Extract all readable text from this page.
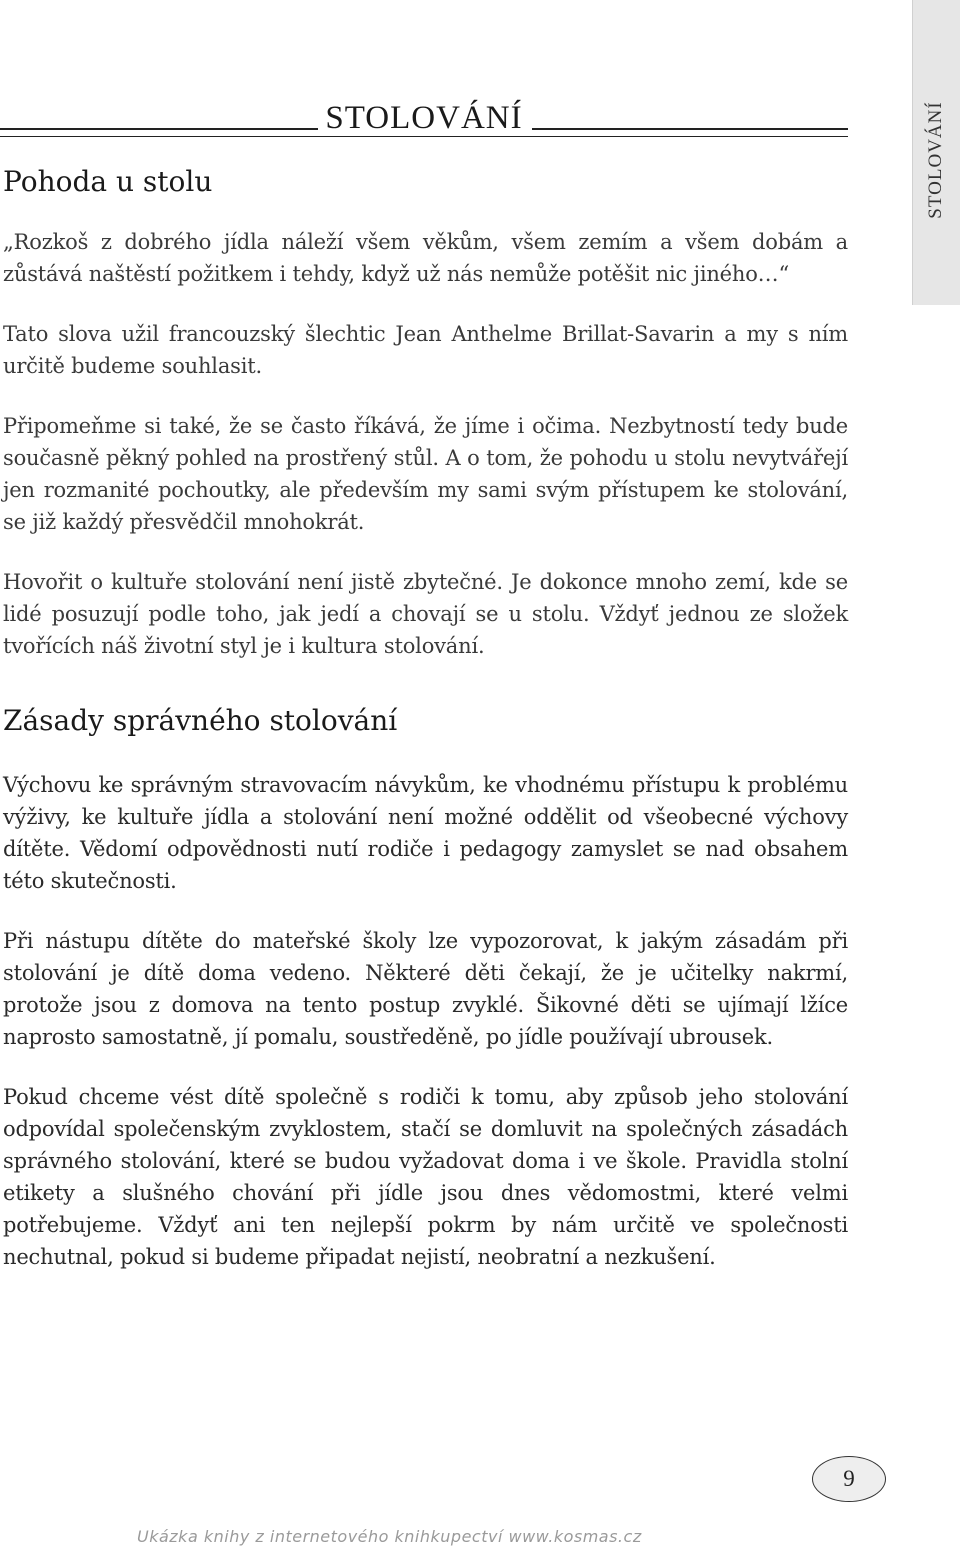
STOLOVÁNÍ
STOLOVÁNÍ
Pohoda u stolu

„Rozkoš z dobrého jídla náleží všem věkům, všem zemím a všem dobám a zůstává naštěstí požitkem i tehdy, když už nás nemůže potěšit nic jiného…“

Tato slova užil francouzský šlechtic Jean Anthelme Brillat-Savarin a my s ním určitě budeme souhlasit.

Připomeňme si také, že se často říkává, že jíme i očima. Nezbytností tedy bude současně pěkný pohled na prostřený stůl. A o tom, že pohodu u stolu nevytvářejí jen rozmanité pochoutky, ale především my sami svým přístupem ke stolování, se již každý přesvědčil mnohokrát.

Hovořit o kultuře stolování není jistě zbytečné. Je dokonce mnoho zemí, kde se lidé posuzují podle toho, jak jedí a chovají se u stolu. Vždyť jednou ze složek tvořících náš životní styl je i kultura stolování.

Zásady správného stolování

Výchovu ke správným stravovacím návykům, ke vhodnému přístupu k problému výživy, ke kultuře jídla a stolování není možné oddělit od všeobecné výchovy dítěte. Vědomí odpovědnosti nutí rodiče i pedagogy zamyslet se nad obsahem této skutečnosti.

Při nástupu dítěte do mateřské školy lze vypozorovat, k jakým zásadám při stolování je dítě doma vedeno. Některé děti čekají, že je učitelky nakrmí, protože jsou z domova na tento postup zvyklé. Šikovné děti se ujímají lžíce naprosto samostatně, jí pomalu, soustředěně, po jídle používají ubrousek.

Pokud chceme vést dítě společně s rodiči k tomu, aby způsob jeho stolování odpovídal společenským zvyklostem, stačí se domluvit na společných zásadách správného stolování, které se budou vyžadovat doma i ve škole. Pravidla stolní etikety a slušného chování při jídle jsou dnes vědomostmi, které velmi potřebujeme. Vždyť ani ten nejlepší pokrm by nám určitě ve společnosti nechutnal, pokud si budeme připadat nejistí, neobratní a nezkušení.

9
Ukázka knihy z internetového knihkupectví www.kosmas.cz
